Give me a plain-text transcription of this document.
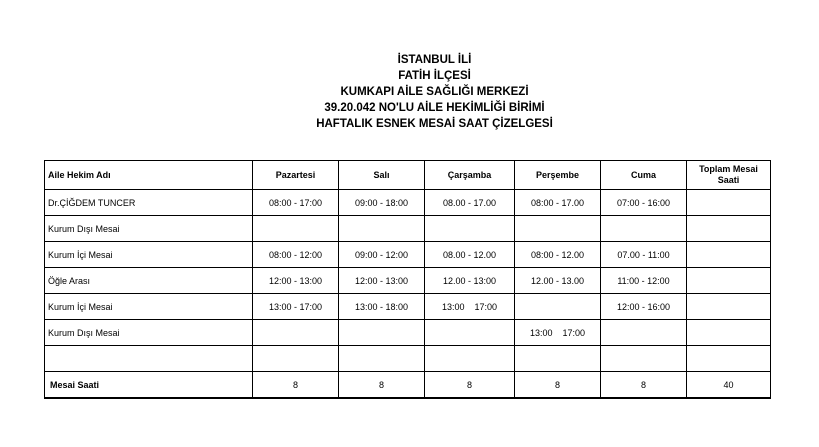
İSTANBUL İLİ
FATİH İLÇESİ
KUMKAPI AİLE SAĞLIĞI MERKEZİ
39.20.042 NO'LU AİLE HEKİMLİĞİ BİRİMİ
HAFTALIK ESNEK MESAİ SAAT ÇİZELGESİ
Aile Hekim Adı	Pazartesi	Salı	Çarşamba	Perşembe	Cuma	Toplam Mesai Saati
Dr.ÇİĞDEM TUNCER	08:00 - 17:00	09:00 - 18:00	08.00 - 17.00	08:00 - 17.00	07:00 - 16:00	
Kurum Dışı Mesai						
Kurum İçi Mesai	08:00 - 12:00	09:00 - 12:00	08.00 - 12.00	08:00 - 12.00	07.00 - 11:00	
Öğle Arası	12:00 - 13:00	12:00 - 13:00	12.00 - 13:00	12.00 - 13.00	11:00 - 12:00	
Kurum İçi Mesai	13:00 - 17:00	13:00 - 18:00	13:00    17:00		12:00 - 16:00	
Kurum Dışı Mesai				13:00    17:00		

Mesai Saati	8	8	8	8	8	40
